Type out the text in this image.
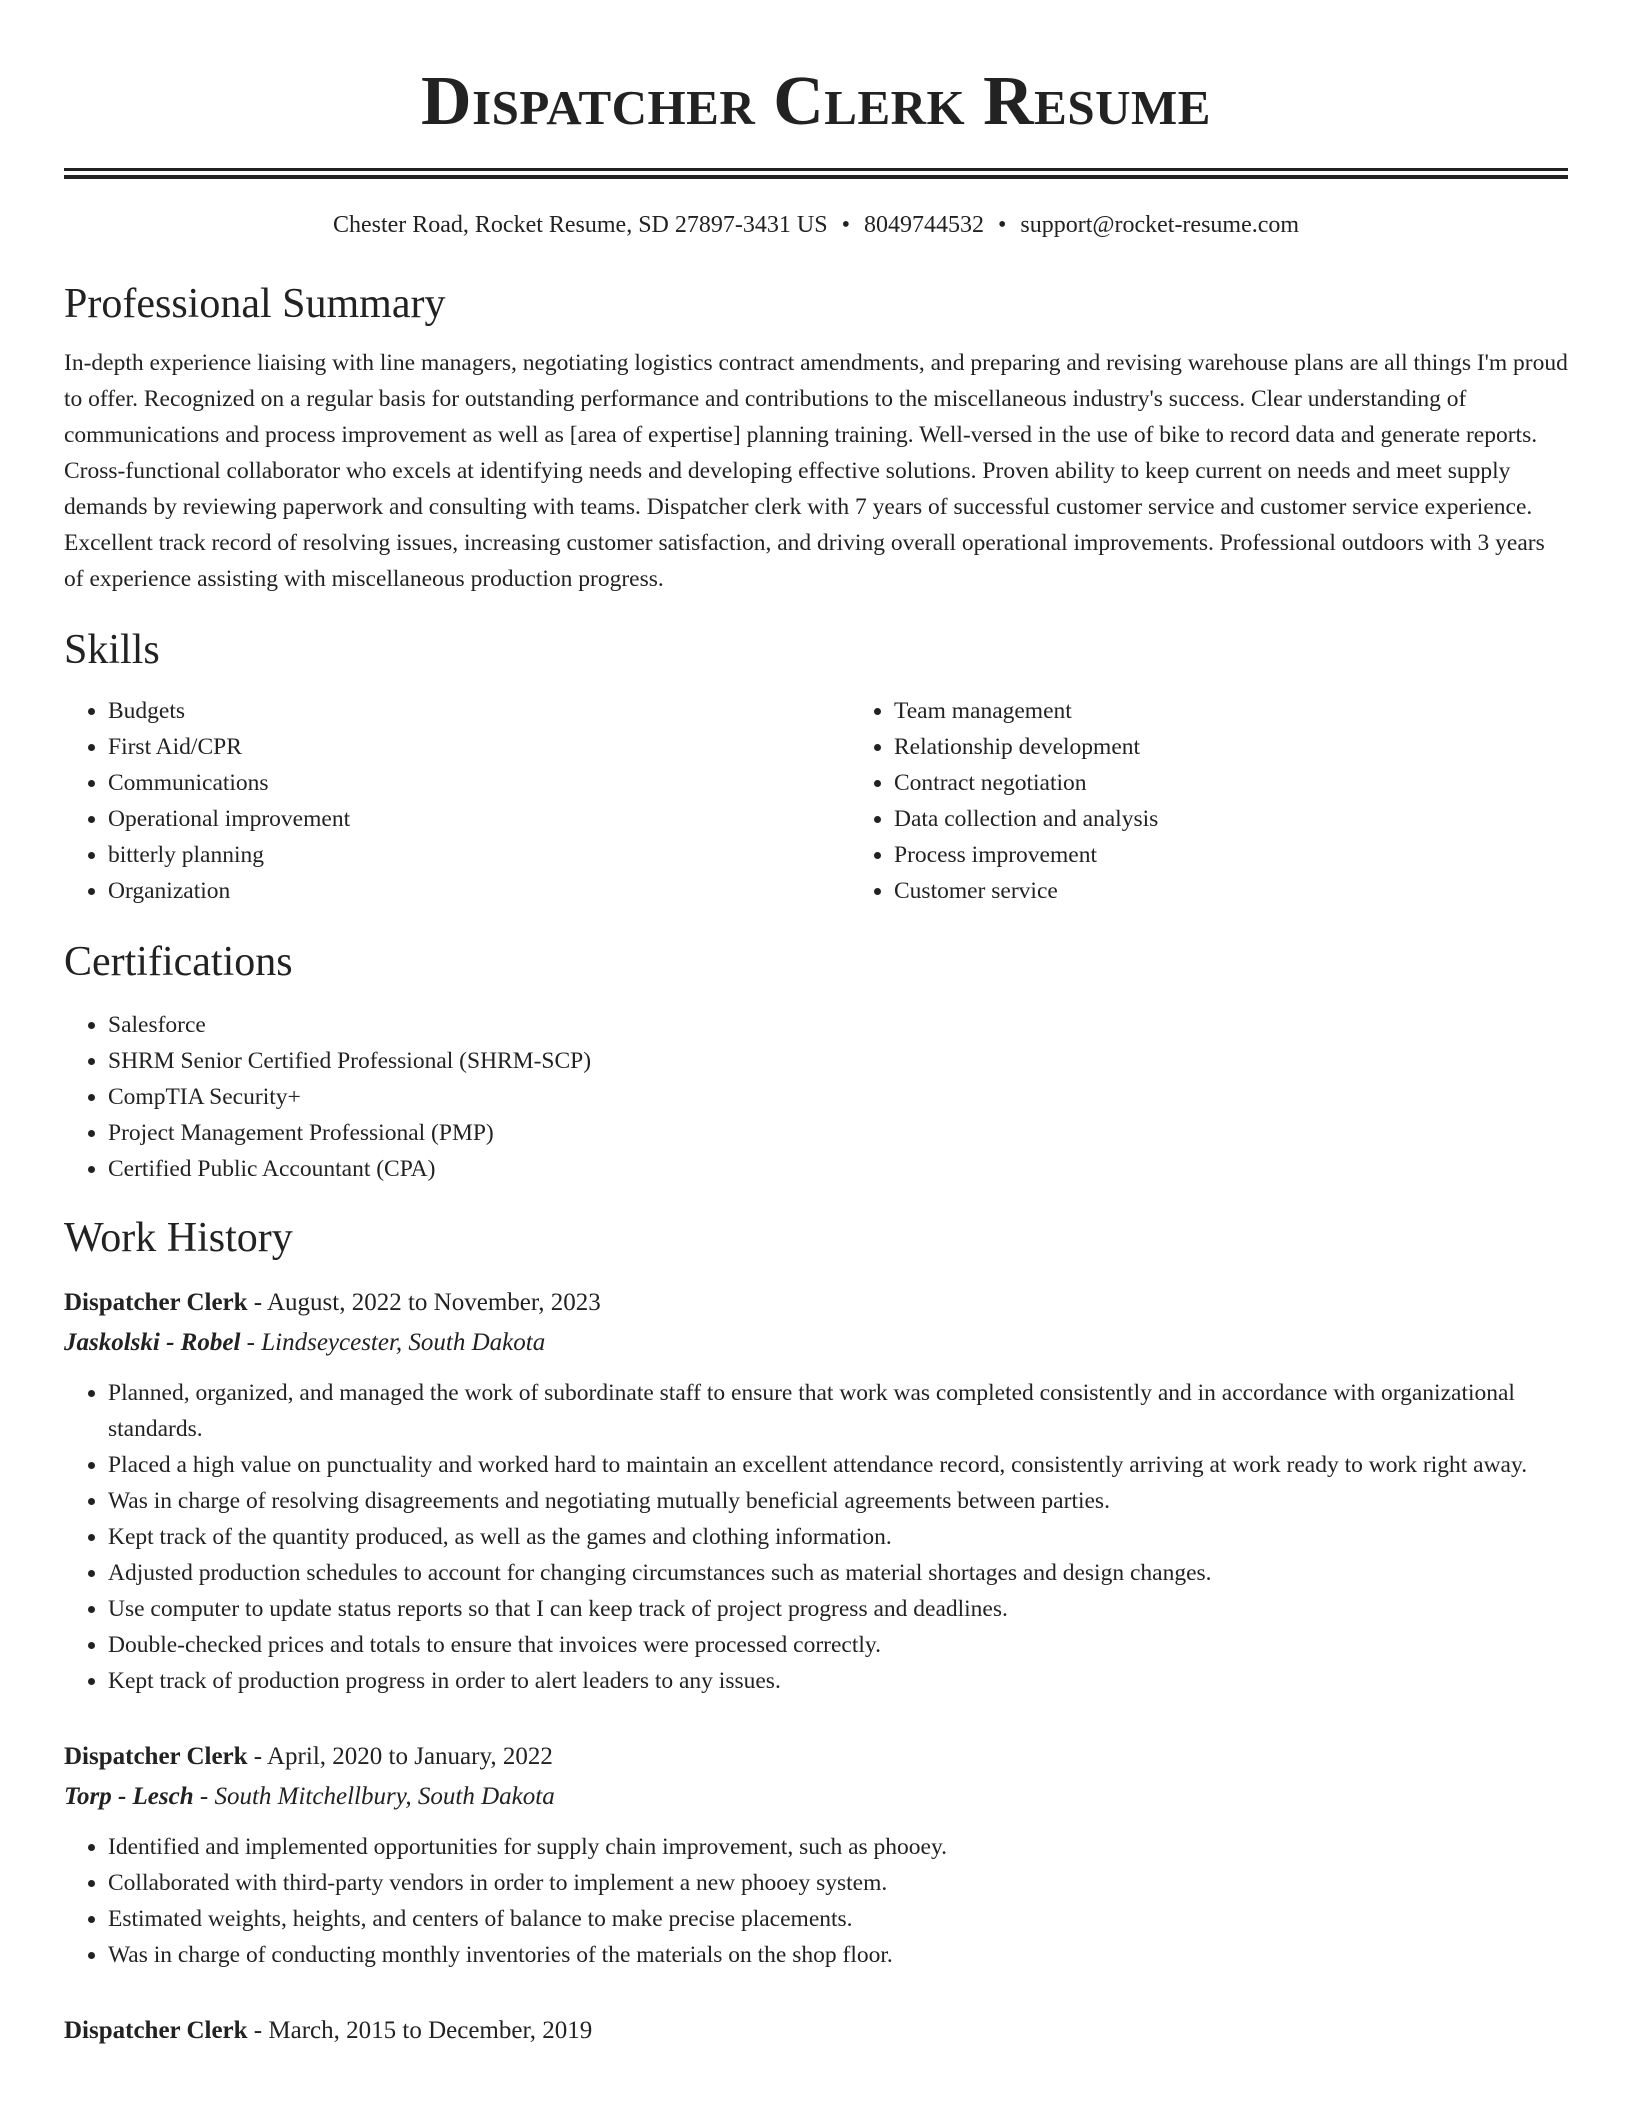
Dispatcher Clerk Resume
Chester Road, Rocket Resume, SD 27897-3431 US • 8049744532 • support@rocket-resume.com
Professional Summary

In-depth experience liaising with line managers, negotiating logistics contract amendments, and preparing and revising warehouse plans are all things I'm proud to offer. Recognized on a regular basis for outstanding performance and contributions to the miscellaneous industry's success. Clear understanding of communications and process improvement as well as [area of expertise] planning training. Well-versed in the use of bike to record data and generate reports. Cross-functional collaborator who excels at identifying needs and developing effective solutions. Proven ability to keep current on needs and meet supply demands by reviewing paperwork and consulting with teams. Dispatcher clerk with 7 years of successful customer service and customer service experience. Excellent track record of resolving issues, increasing customer satisfaction, and driving overall operational improvements. Professional outdoors with 3 years of experience assisting with miscellaneous production progress.

Skills
• Budgets
• First Aid/CPR
• Communications
• Operational improvement
• bitterly planning
• Organization
• Team management
• Relationship development
• Contract negotiation
• Data collection and analysis
• Process improvement
• Customer service
Certifications
• Salesforce
• SHRM Senior Certified Professional (SHRM-SCP)
• CompTIA Security+
• Project Management Professional (PMP)
• Certified Public Accountant (CPA)
Work History
Dispatcher Clerk - August, 2022 to November, 2023
Jaskolski - Robel - Lindseycester, South Dakota
• Planned, organized, and managed the work of subordinate staff to ensure that work was completed consistently and in accordance with organizational standards.
• Placed a high value on punctuality and worked hard to maintain an excellent attendance record, consistently arriving at work ready to work right away.
• Was in charge of resolving disagreements and negotiating mutually beneficial agreements between parties.
• Kept track of the quantity produced, as well as the games and clothing information.
• Adjusted production schedules to account for changing circumstances such as material shortages and design changes.
• Use computer to update status reports so that I can keep track of project progress and deadlines.
• Double-checked prices and totals to ensure that invoices were processed correctly.
• Kept track of production progress in order to alert leaders to any issues.
Dispatcher Clerk - April, 2020 to January, 2022
Torp - Lesch - South Mitchellbury, South Dakota
• Identified and implemented opportunities for supply chain improvement, such as phooey.
• Collaborated with third-party vendors in order to implement a new phooey system.
• Estimated weights, heights, and centers of balance to make precise placements.
• Was in charge of conducting monthly inventories of the materials on the shop floor.
Dispatcher Clerk - March, 2015 to December, 2019
